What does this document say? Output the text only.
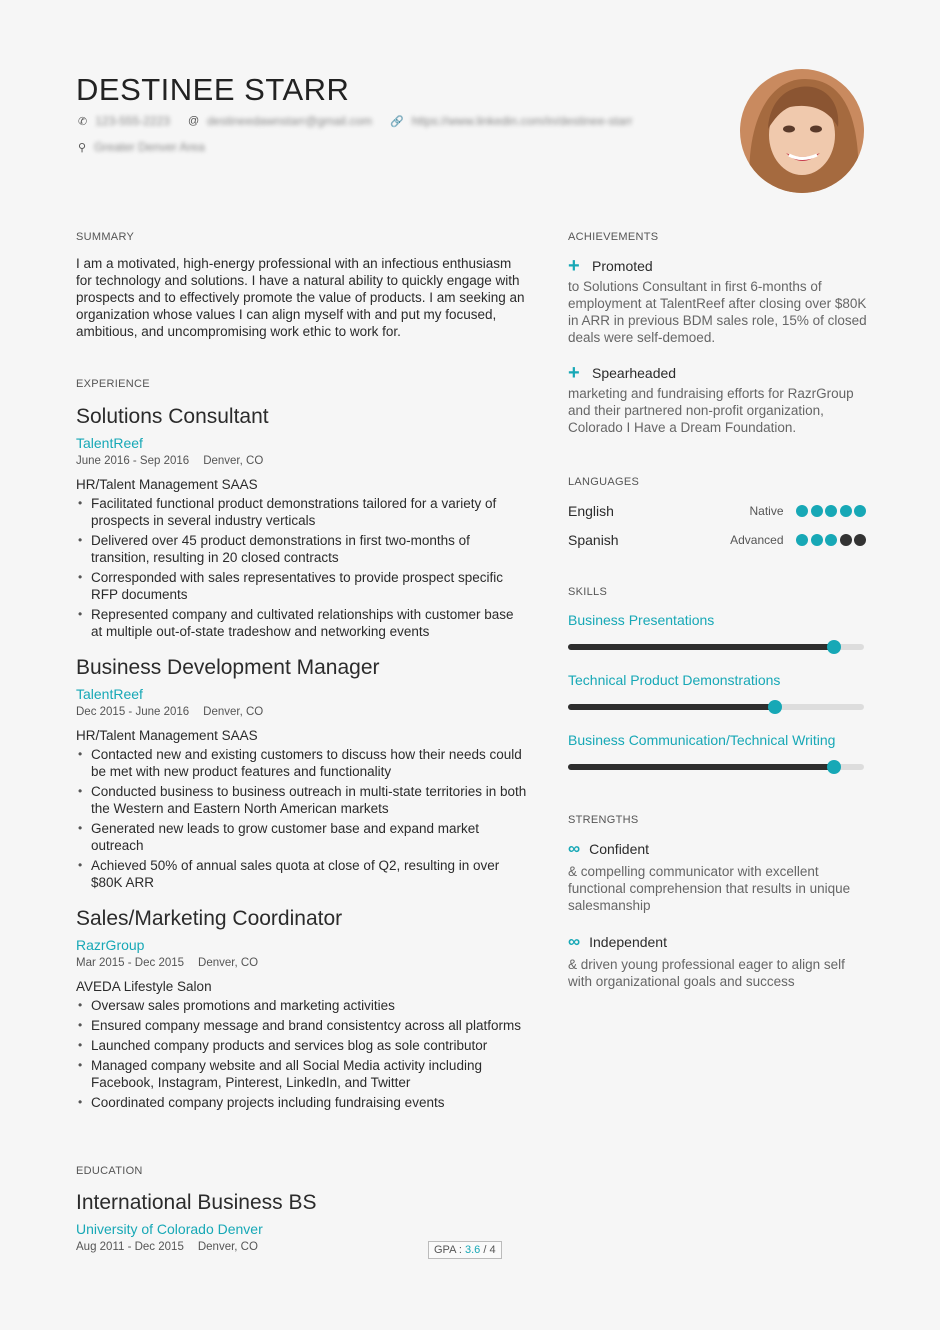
DESTINEE STARR
✆ 123-555-2223 @ destineedawnstarr@gmail.com 🔗 https://www.linkedin.com/in/destinee-starr
⚲ Greater Denver Area
SUMMARY

I am a motivated, high-energy professional with an infectious enthusiasm for technology and solutions. I have a natural ability to quickly engage with prospects and to effectively promote the value of products. I am seeking an organization whose values I can align myself with and put my focused, ambitious, and uncompromising work ethic to work for.

EXPERIENCE
Solutions Consultant
TalentReef
June 2016 - Sep 2016 Denver, CO
HR/Talent Management SAAS
• Facilitated functional product demonstrations tailored for a variety of prospects in several industry verticals
• Delivered over 45 product demonstrations in first two-months of transition, resulting in 20 closed contracts
• Corresponded with sales representatives to provide prospect specific RFP documents
• Represented company and cultivated relationships with customer base at multiple out-of-state tradeshow and networking events
Business Development Manager
TalentReef
Dec 2015 - June 2016 Denver, CO
HR/Talent Management SAAS
• Contacted new and existing customers to discuss how their needs could be met with new product features and functionality
• Conducted business to business outreach in multi-state territories in both the Western and Eastern North American markets
• Generated new leads to grow customer base and expand market outreach
• Achieved 50% of annual sales quota at close of Q2, resulting in over $80K ARR
Sales/Marketing Coordinator
RazrGroup
Mar 2015 - Dec 2015 Denver, CO
AVEDA Lifestyle Salon
• Oversaw sales promotions and marketing activities
• Ensured company message and brand consistentcy across all platforms
• Launched company products and services blog as sole contributor
• Managed company website and all Social Media activity including Facebook, Instagram, Pinterest, LinkedIn, and Twitter
• Coordinated company projects including fundraising events
EDUCATION
International Business BS
University of Colorado Denver
Aug 2011 - Dec 2015 Denver, CO	GPA : 3.6 / 4
ACHIEVEMENTS
+ Promoted
to Solutions Consultant in first 6-months of employment at TalentReef after closing over $80K in ARR in previous BDM sales role, 15% of closed deals were self-demoed.
+ Spearheaded
marketing and fundraising efforts for RazrGroup and their partnered non-profit organization, Colorado I Have a Dream Foundation.
LANGUAGES
English	Native
Spanish	Advanced
SKILLS
Business Presentations
Technical Product Demonstrations
Business Communication/Technical Writing
STRENGTHS
∞ Confident
& compelling communicator with excellent functional comprehension that results in unique salesmanship
∞ Independent
& driven young professional eager to align self with organizational goals and success
